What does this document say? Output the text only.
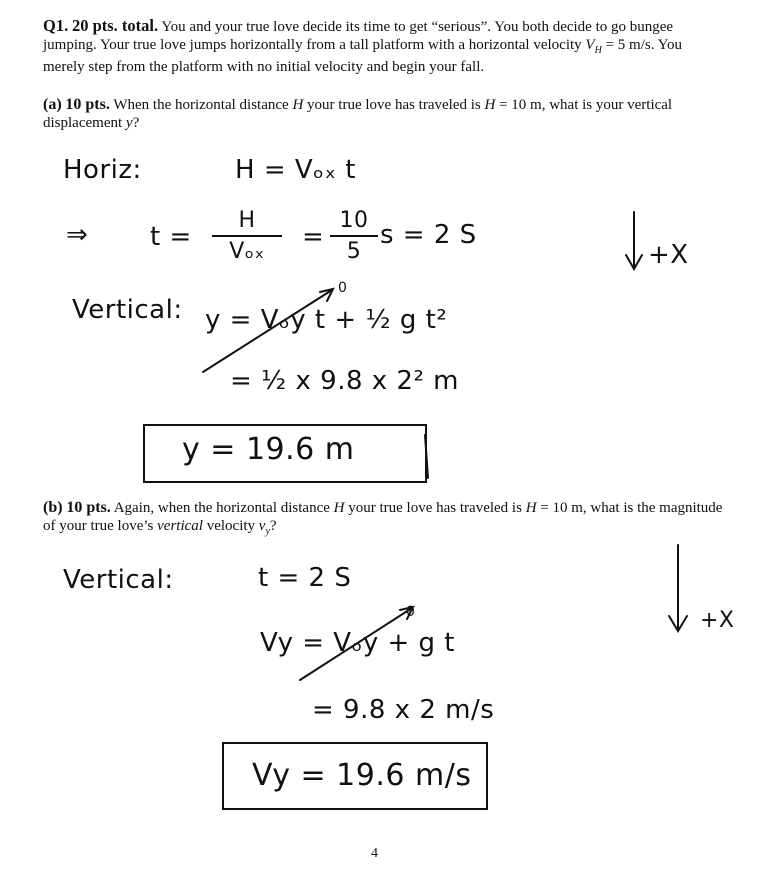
Q1. 20 pts. total. You and your true love decide its time to get “serious”. You both decide to go bungee jumping. Your true love jumps horizontally from a tall platform with a horizontal velocity $V_H = 5$ m/s. You merely step from the platform with no initial velocity and begin your fall.
(a) 10 pts. When the horizontal distance H your true love has traveled is H = 10 m, what is your vertical displacement y?
Horiz:	H = Vₒₓ t
⇒ t =
H
Vₒₓ	=
10
5
s = 2 S
+X
Vertical: y = Vₒy t + ½ g t²
0
= ½ x 9.8 x 2² m
y = 19.6 m
(b) 10 pts. Again, when the horizontal distance H your true love has traveled is H = 10 m, what is the magnitude of your true love’s vertical velocity $v_y$?
Vertical:	t = 2 S
+X
Vy = Vₒy + g t
0
= 9.8 x 2 m/s
Vy = 19.6 m/s
4
